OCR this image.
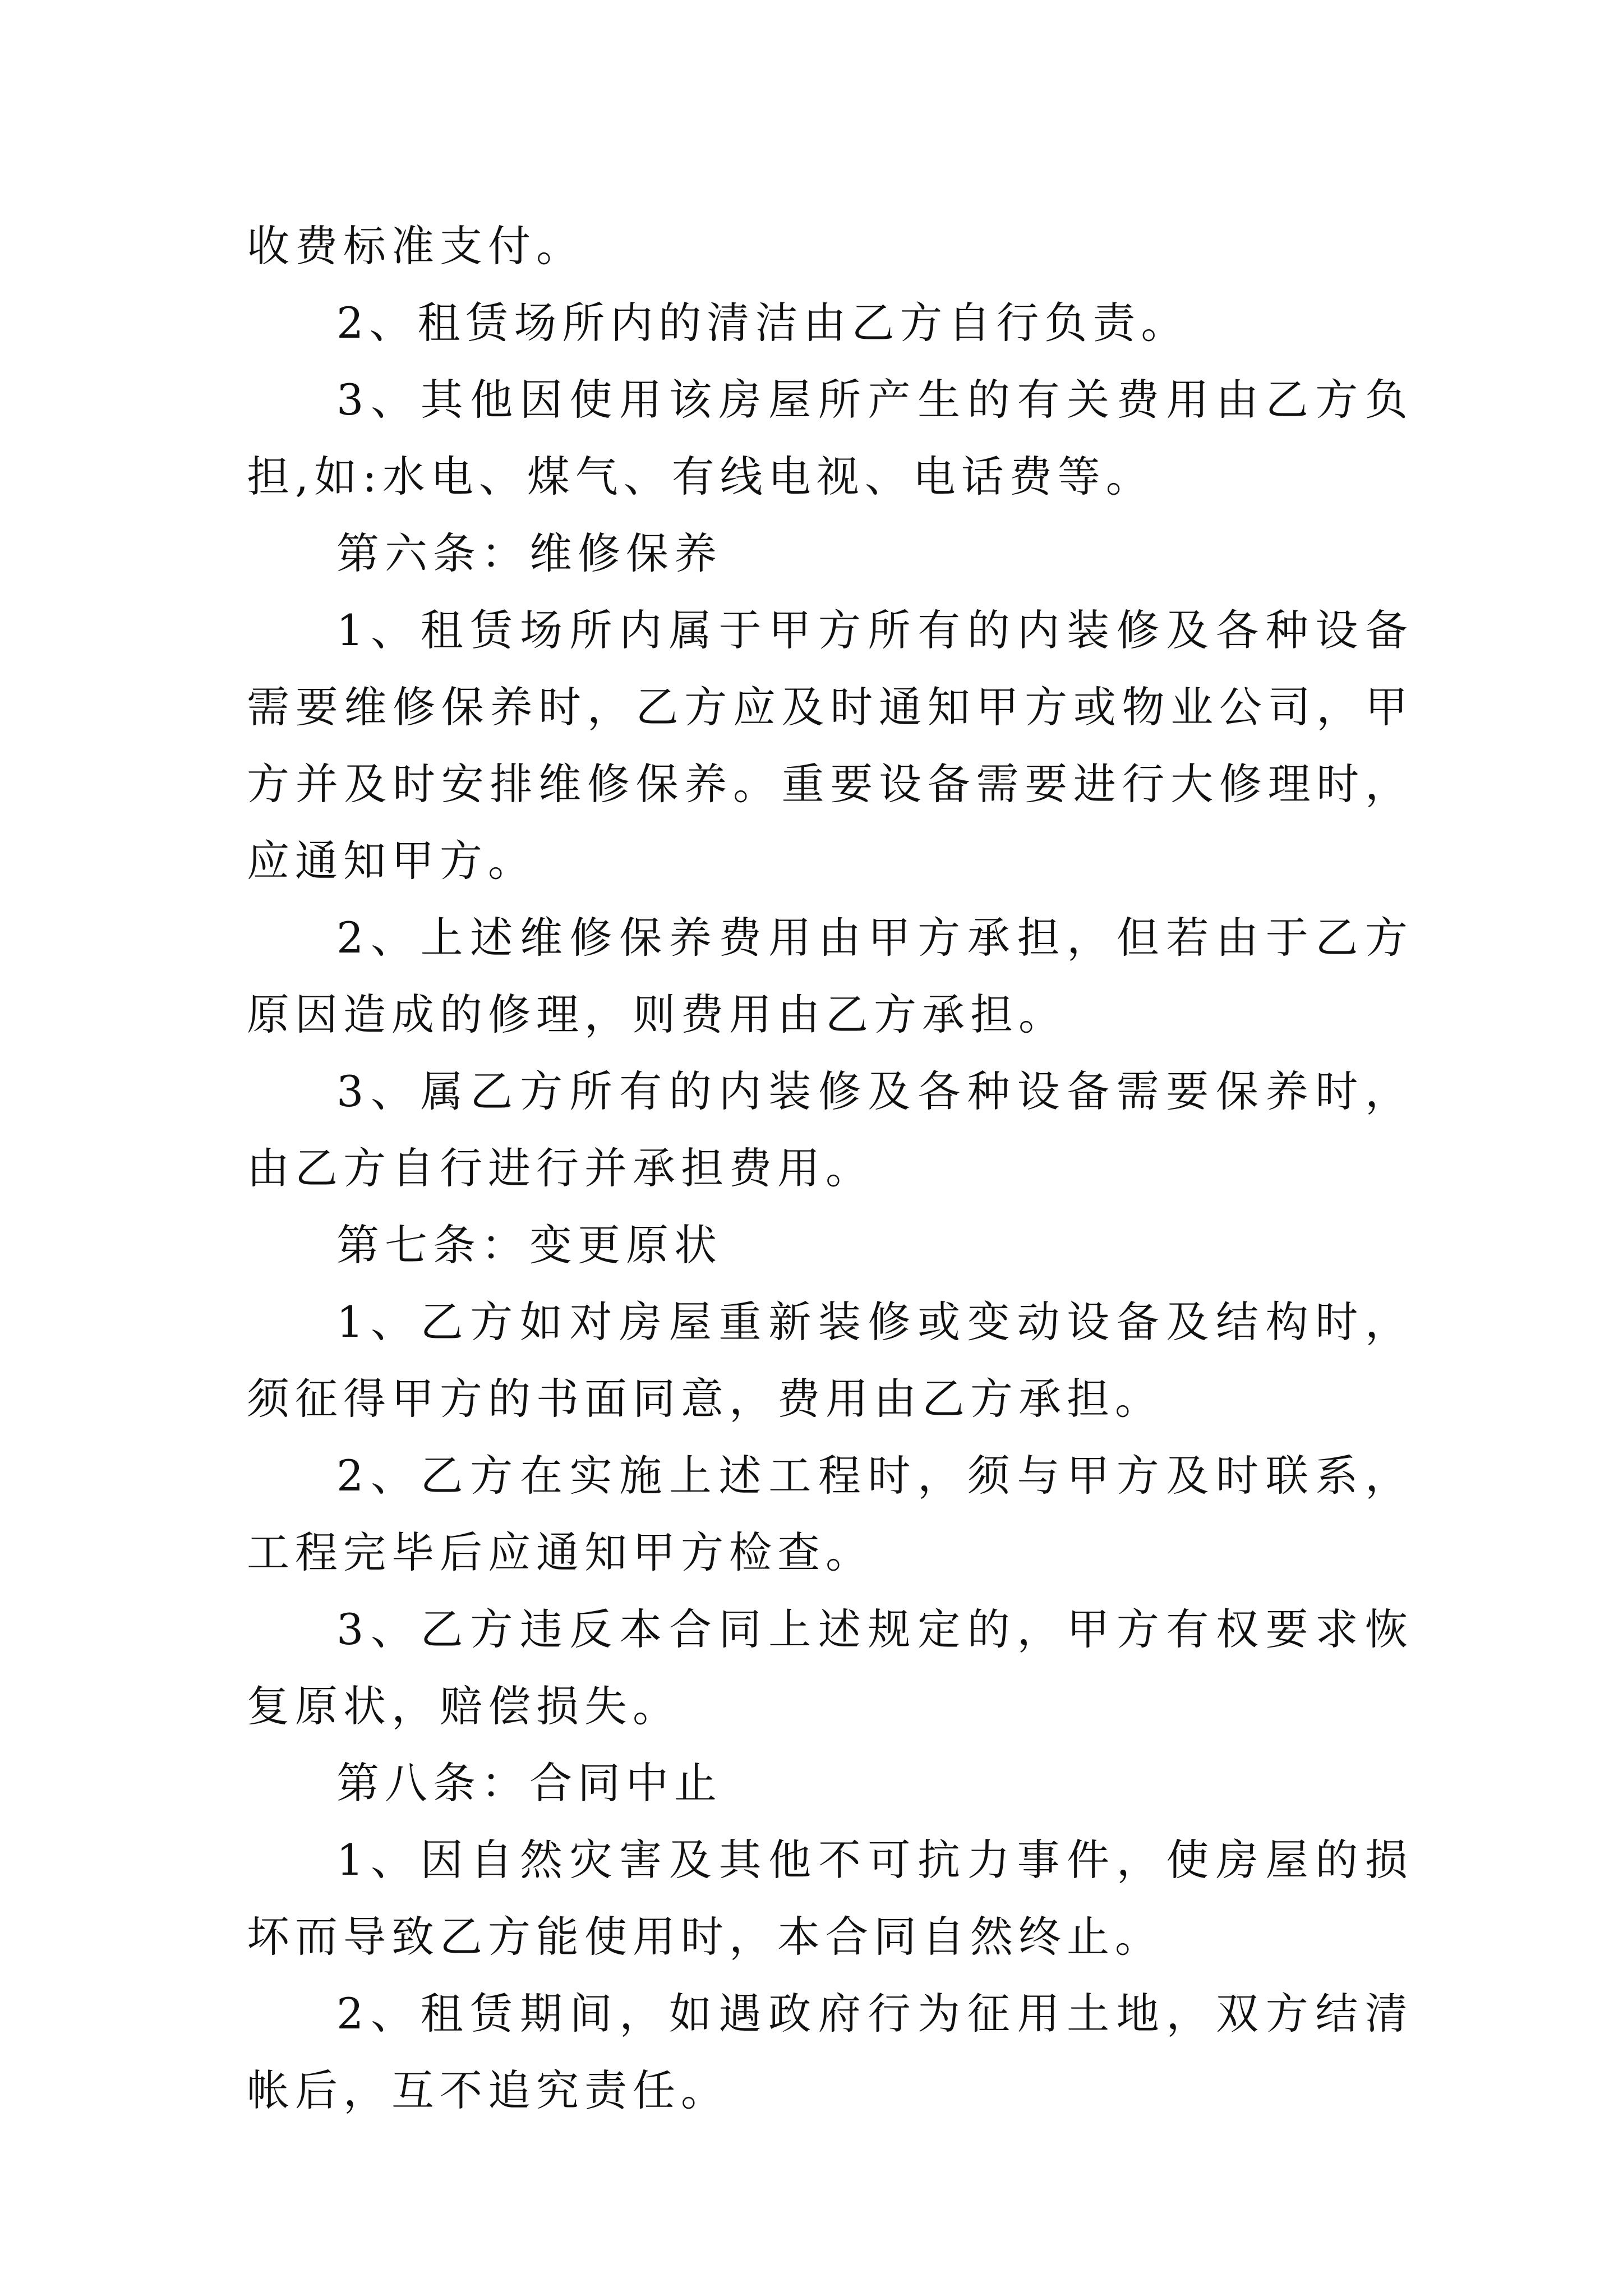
收费标准支付。

2、租赁场所内的清洁由乙方自行负责。

3、其他因使用该房屋所产生的有关费用由乙方负担,如:水电、煤气、有线电视、电话费等。

第六条：维修保养

1、租赁场所内属于甲方所有的内装修及各种设备需要维修保养时，乙方应及时通知甲方或物业公司，甲方并及时安排维修保养。重要设备需要进行大修理时，应通知甲方。

2、上述维修保养费用由甲方承担，但若由于乙方原因造成的修理，则费用由乙方承担。

3、属乙方所有的内装修及各种设备需要保养时，由乙方自行进行并承担费用。

第七条：变更原状

1、乙方如对房屋重新装修或变动设备及结构时，须征得甲方的书面同意，费用由乙方承担。

2、乙方在实施上述工程时，须与甲方及时联系，工程完毕后应通知甲方检查。

3、乙方违反本合同上述规定的，甲方有权要求恢复原状，赔偿损失。

第八条：合同中止

1、因自然灾害及其他不可抗力事件，使房屋的损坏而导致乙方能使用时，本合同自然终止。

2、租赁期间，如遇政府行为征用土地，双方结清帐后，互不追究责任。
